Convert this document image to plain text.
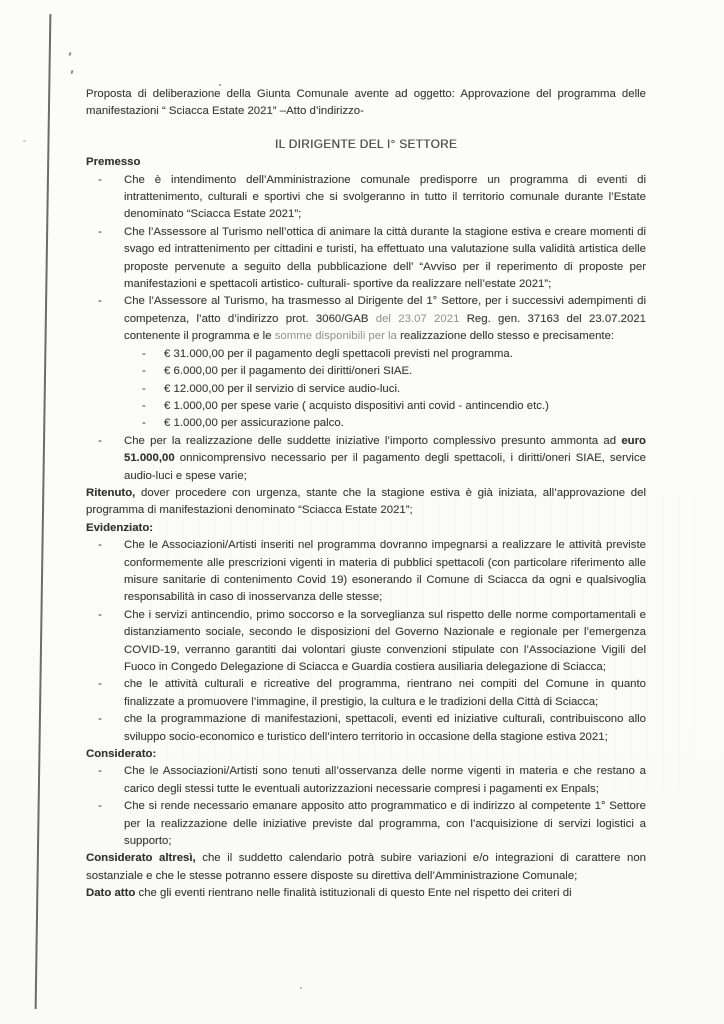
Proposta di deliberazione della Giunta Comunale avente ad oggetto: Approvazione del programma delle manifestazioni “ Sciacca Estate 2021” –Atto d’indirizzo-

IL DIRIGENTE DEL I° SETTORE

Premesso

-	Che è intendimento dell’Amministrazione comunale predisporre un programma di eventi di intrattenimento, culturali e sportivi che si svolgeranno in tutto il territorio comunale durante l’Estate denominato “Sciacca Estate 2021”;
-	Che l’Assessore al Turismo nell’ottica di animare la città durante la stagione estiva e creare momenti di svago ed intrattenimento per cittadini e turisti, ha effettuato una valutazione sulla validità artistica delle proposte pervenute a seguito della pubblicazione dell’ “Avviso per il reperimento di proposte per manifestazioni e spettacoli artistico- culturali- sportive da realizzare nell’estate 2021”;
-	Che l’Assessore al Turismo, ha trasmesso al Dirigente del 1° Settore, per i successivi adempimenti di competenza, l’atto d’indirizzo prot. 3060/GAB del 23.07 2021 Reg. gen. 37163 del 23.07.2021 contenente il programma e le somme disponibili per la realizzazione dello stesso e precisamente:
-	€ 31.000,00 per il pagamento degli spettacoli previsti nel programma.
-	€ 6.000,00 per il pagamento dei diritti/oneri SIAE.
-	€ 12.000,00 per il servizio di service audio-luci.
-	€ 1.000,00 per spese varie ( acquisto dispositivi anti covid - antincendio etc.)
-	€ 1.000,00 per assicurazione palco.
-	Che per la realizzazione delle suddette iniziative l’importo complessivo presunto ammonta ad euro 51.000,00 onnicomprensivo necessario per il pagamento degli spettacoli, i diritti/oneri SIAE, service audio-luci e spese varie;

Ritenuto, dover procedere con urgenza, stante che la stagione estiva è già iniziata, all’approvazione del programma di manifestazioni denominato “Sciacca Estate 2021”;

Evidenziato:

-	Che le Associazioni/Artisti inseriti nel programma dovranno impegnarsi a realizzare le attività previste conformemente alle prescrizioni vigenti in materia di pubblici spettacoli (con particolare riferimento alle misure sanitarie di contenimento Covid 19) esonerando il Comune di Sciacca da ogni e qualsivoglia responsabilità in caso di inosservanza delle stesse;
-	Che i servizi antincendio, primo soccorso e la sorveglianza sul rispetto delle norme comportamentali e distanziamento sociale, secondo le disposizioni del Governo Nazionale e regionale per l’emergenza COVID-19, verranno garantiti dai volontari giuste convenzioni stipulate con l’Associazione Vigili del Fuoco in Congedo Delegazione di Sciacca e Guardia costiera ausiliaria delegazione di Sciacca;
-	che le attività culturali e ricreative del programma, rientrano nei compiti del Comune in quanto finalizzate a promuovere l’immagine, il prestigio, la cultura e le tradizioni della Città di Sciacca;
-	che la programmazione di manifestazioni, spettacoli, eventi ed iniziative culturali, contribuiscono allo sviluppo socio-economico e turistico dell’intero territorio in occasione della stagione estiva 2021;

Considerato:

-	Che le Associazioni/Artisti sono tenuti all’osservanza delle norme vigenti in materia e che restano a carico degli stessi tutte le eventuali autorizzazioni necessarie compresi i pagamenti ex Enpals;
-	Che si rende necessario emanare apposito atto programmatico e di indirizzo al competente 1° Settore per la realizzazione delle iniziative previste dal programma, con l’acquisizione di servizi logistici a supporto;

Considerato altresì, che il suddetto calendario potrà subire variazioni e/o integrazioni di carattere non sostanziale e che le stesse potranno essere disposte su direttiva dell’Amministrazione Comunale;

Dato atto che gli eventi rientrano nelle finalità istituzionali di questo Ente nel rispetto dei criteri di
